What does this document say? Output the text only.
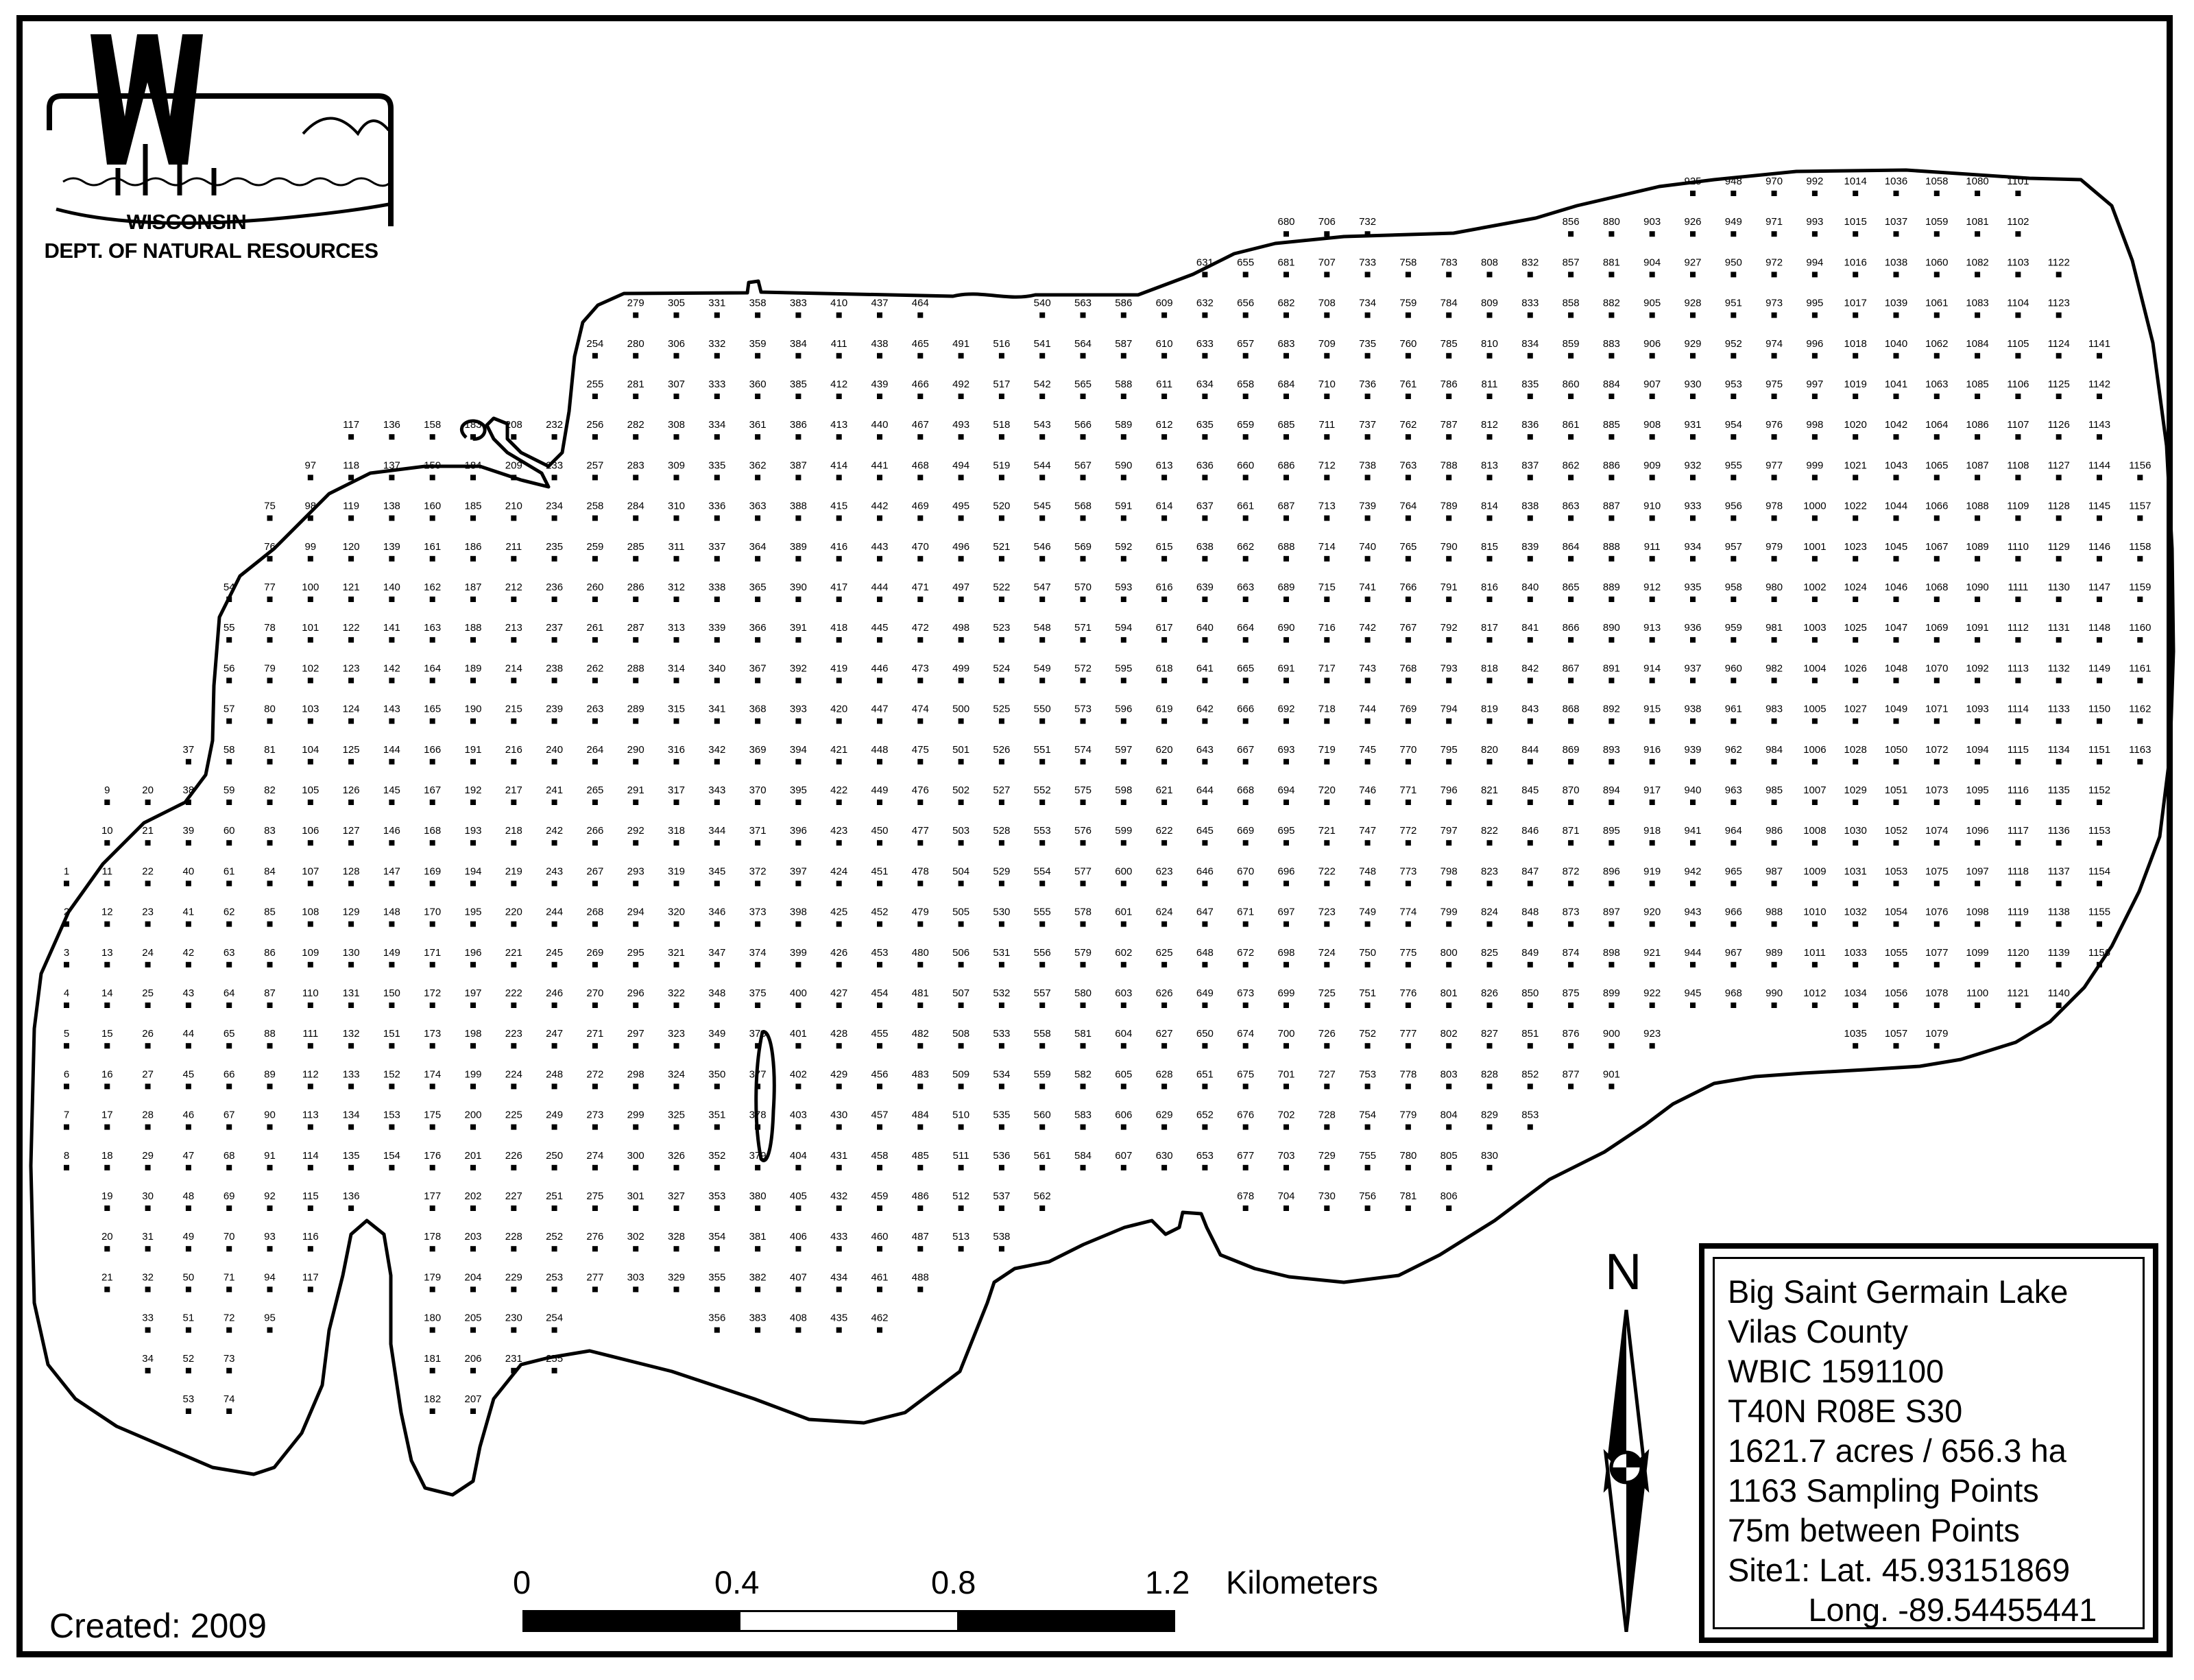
1
2
3
4
5
6
7
8
9
10
11
12
13
14
15
16
17
18
19
20
21
20
21
22
23
24
25
26
27
28
29
30
31
32
33
34
37
38
39
40
41
42
43
44
45
46
47
48
49
50
51
52
53
54
55
56
57
58
59
60
61
62
63
64
65
66
67
68
69
70
71
72
73
74
75
76
77
78
79
80
81
82
83
84
85
86
87
88
89
90
91
92
93
94
95
97
98
99
100
101
102
103
104
105
106
107
108
109
110
111
112
113
114
115
116
117
117
118
119
120
121
122
123
124
125
126
127
128
129
130
131
132
133
134
135
136
136
137
138
139
140
141
142
143
144
145
146
147
148
149
150
151
152
153
154
158
159
160
161
162
163
164
165
166
167
168
169
170
171
172
173
174
175
176
177
178
179
180
181
182
183
184
185
186
187
188
189
190
191
192
193
194
195
196
197
198
199
200
201
202
203
204
205
206
207
208
209
210
211
212
213
214
215
216
217
218
219
220
221
222
223
224
225
226
227
228
229
230
231
232
233
234
235
236
237
238
239
240
241
242
243
244
245
246
247
248
249
250
251
252
253
254
255
254
255
256
257
258
259
260
261
262
263
264
265
266
267
268
269
270
271
272
273
274
275
276
277
279
280
281
282
283
284
285
286
287
288
289
290
291
292
293
294
295
296
297
298
299
300
301
302
303
305
306
307
308
309
310
311
312
313
314
315
316
317
318
319
320
321
322
323
324
325
326
327
328
329
331
332
333
334
335
336
337
338
339
340
341
342
343
344
345
346
347
348
349
350
351
352
353
354
355
356
358
359
360
361
362
363
364
365
366
367
368
369
370
371
372
373
374
375
376
377
378
379
380
381
382
383
383
384
385
386
387
388
389
390
391
392
393
394
395
396
397
398
399
400
401
402
403
404
405
406
407
408
410
411
412
413
414
415
416
417
418
419
420
421
422
423
424
425
426
427
428
429
430
431
432
433
434
435
437
438
439
440
441
442
443
444
445
446
447
448
449
450
451
452
453
454
455
456
457
458
459
460
461
462
464
465
466
467
468
469
470
471
472
473
474
475
476
477
478
479
480
481
482
483
484
485
486
487
488
491
492
493
494
495
496
497
498
499
500
501
502
503
504
505
506
507
508
509
510
511
512
513
516
517
518
519
520
521
522
523
524
525
526
527
528
529
530
531
532
533
534
535
536
537
538
540
541
542
543
544
545
546
547
548
549
550
551
552
553
554
555
556
557
558
559
560
561
562
563
564
565
566
567
568
569
570
571
572
573
574
575
576
577
578
579
580
581
582
583
584
586
587
588
589
590
591
592
593
594
595
596
597
598
599
600
601
602
603
604
605
606
607
609
610
611
612
613
614
615
616
617
618
619
620
621
622
623
624
625
626
627
628
629
630
631
632
633
634
635
636
637
638
639
640
641
642
643
644
645
646
647
648
649
650
651
652
653
655
656
657
658
659
660
661
662
663
664
665
666
667
668
669
670
671
672
673
674
675
676
677
678
680
681
682
683
684
685
686
687
688
689
690
691
692
693
694
695
696
697
698
699
700
701
702
703
704
706
707
708
709
710
711
712
713
714
715
716
717
718
719
720
721
722
723
724
725
726
727
728
729
730
732
733
734
735
736
737
738
739
740
741
742
743
744
745
746
747
748
749
750
751
752
753
754
755
756
758
759
760
761
762
763
764
765
766
767
768
769
770
771
772
773
774
775
776
777
778
779
780
781
783
784
785
786
787
788
789
790
791
792
793
794
795
796
797
798
799
800
801
802
803
804
805
806
808
809
810
811
812
813
814
815
816
817
818
819
820
821
822
823
824
825
826
827
828
829
830
832
833
834
835
836
837
838
839
840
841
842
843
844
845
846
847
848
849
850
851
852
853
856
857
858
859
860
861
862
863
864
865
866
867
868
869
870
871
872
873
874
875
876
877
880
881
882
883
884
885
886
887
888
889
890
891
892
893
894
895
896
897
898
899
900
901
903
904
905
906
907
908
909
910
911
912
913
914
915
916
917
918
919
920
921
922
923
925
926
927
928
929
930
931
932
933
934
935
936
937
938
939
940
941
942
943
944
945
948
949
950
951
952
953
954
955
956
957
958
959
960
961
962
963
964
965
966
967
968
970
971
972
973
974
975
976
977
978
979
980
981
982
983
984
985
986
987
988
989
990
992
993
994
995
996
997
998
999
1000
1001
1002
1003
1004
1005
1006
1007
1008
1009
1010
1011
1012
1014
1015
1016
1017
1018
1019
1020
1021
1022
1023
1024
1025
1026
1027
1028
1029
1030
1031
1032
1033
1034
1035
1036
1037
1038
1039
1040
1041
1042
1043
1044
1045
1046
1047
1048
1049
1050
1051
1052
1053
1054
1055
1056
1057
1058
1059
1060
1061
1062
1063
1064
1065
1066
1067
1068
1069
1070
1071
1072
1073
1074
1075
1076
1077
1078
1079
1080
1081
1082
1083
1084
1085
1086
1087
1088
1089
1090
1091
1092
1093
1094
1095
1096
1097
1098
1099
1100
1101
1102
1103
1104
1105
1106
1107
1108
1109
1110
1111
1112
1113
1114
1115
1116
1117
1118
1119
1120
1121
1122
1123
1124
1125
1126
1127
1128
1129
1130
1131
1132
1133
1134
1135
1136
1137
1138
1139
1140
1141
1142
1143
1144
1145
1146
1147
1148
1149
1150
1151
1152
1153
1154
1155
1156
1156
1157
1158
1159
1160
1161
1162
1163
WISCONSIN
DEPT. OF NATURAL RESOURCES
Big Saint Germain Lake
Vilas County
WBIC 1591100
T40N R08E S30
1621.7 acres / 656.3 ha
1163 Sampling Points
75m between Points
Site1: Lat. 45.93151869
Long. -89.54455441
N
0	0.4	0.8	1.2 Kilometers
Created: 2009
